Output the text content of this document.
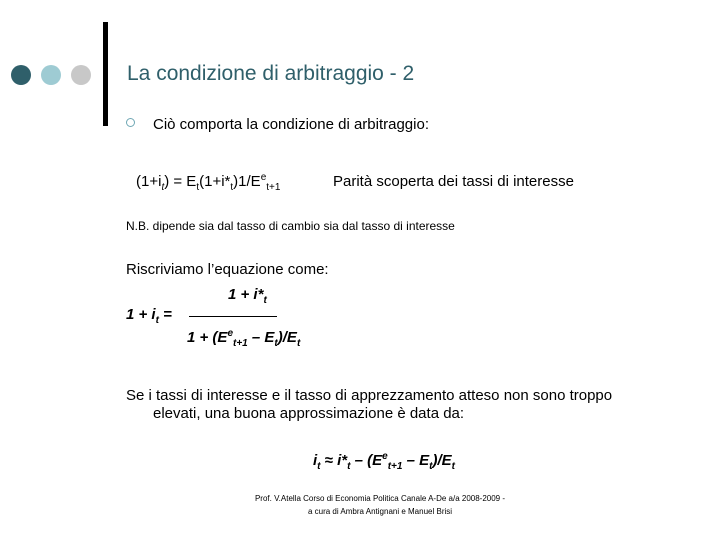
La condizione di arbitraggio - 2
Ciò comporta la condizione di arbitraggio:
$(1+i_t) = E_t(1+i*_t)1/E^e_{t+1}$	Parità scoperta dei tassi di interesse
N.B. dipende sia dal tasso di cambio sia dal tasso di interesse
Riscriviamo l’equazione come:
$1 + i*_t$
$1 + i_t$ =
$1 + (E^e_{t+1} - E_t)/E_t$
Se i tassi di interesse e il tasso di apprezzamento atteso non sono troppo
elevati, una buona approssimazione è data da:
$i_t \approx i*_t - (E^e_{t+1} - E_t)/E_t$
Prof. V.Atella Corso di Economia Politica Canale A-De a/a 2008-2009 -
a cura di Ambra Antignani e Manuel Brisi
